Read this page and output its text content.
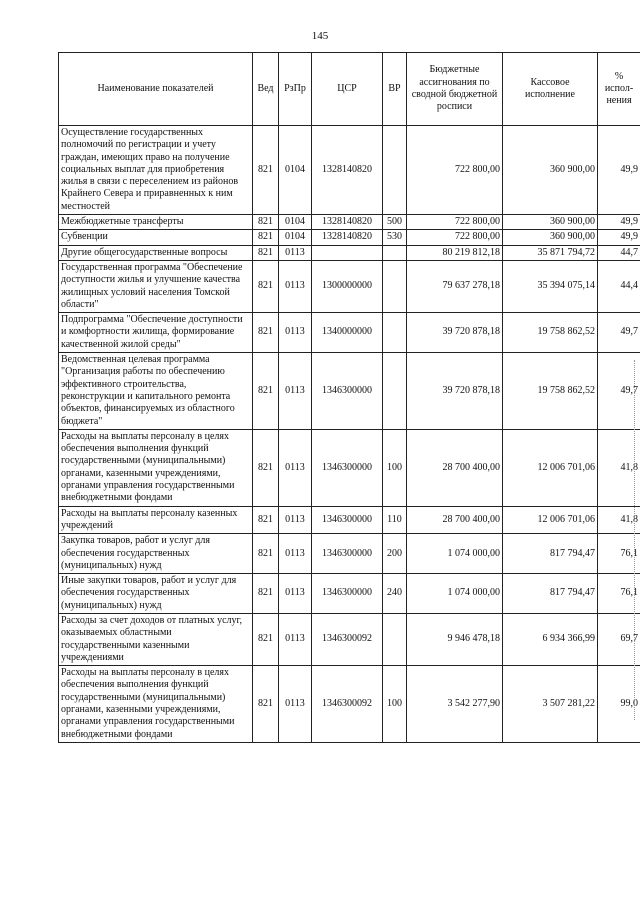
145
Наименование показателей	Вед	РзПр	ЦСР	ВР	Бюджетные ассигнования по сводной бюджетной росписи	Кассовое исполнение	% испол-нения
Осуществление государственных полномочий по регистрации и учету граждан, имеющих право на получение социальных выплат для приобретения жилья в связи с переселением из районов Крайнего Севера и приравненных к ним местностей	821	0104	1328140820		722 800,00	360 900,00	49,9
Межбюджетные трансферты	821	0104	1328140820	500	722 800,00	360 900,00	49,9
Субвенции	821	0104	1328140820	530	722 800,00	360 900,00	49,9
Другие общегосударственные вопросы	821	0113			80 219 812,18	35 871 794,72	44,7
Государственная программа "Обеспечение доступности жилья и улучшение качества жилищных условий населения Томской области"	821	0113	1300000000		79 637 278,18	35 394 075,14	44,4
Подпрограмма "Обеспечение доступности и комфортности жилища, формирование качественной жилой среды"	821	0113	1340000000		39 720 878,18	19 758 862,52	49,7
Ведомственная целевая программа "Организация работы по обеспечению эффективного строительства, реконструкции и капитального ремонта объектов, финансируемых из областного бюджета"	821	0113	1346300000		39 720 878,18	19 758 862,52	49,7
Расходы на выплаты персоналу в целях обеспечения выполнения функций государственными (муниципальными) органами, казенными учреждениями, органами управления государственными внебюджетными фондами	821	0113	1346300000	100	28 700 400,00	12 006 701,06	41,8
Расходы на выплаты персоналу казенных учреждений	821	0113	1346300000	110	28 700 400,00	12 006 701,06	41,8
Закупка товаров, работ и услуг для обеспечения государственных (муниципальных) нужд	821	0113	1346300000	200	1 074 000,00	817 794,47	76,1
Иные закупки товаров, работ и услуг для обеспечения государственных (муниципальных) нужд	821	0113	1346300000	240	1 074 000,00	817 794,47	76,1
Расходы за счет доходов от платных услуг, оказываемых областными государственными казенными учреждениями	821	0113	1346300092		9 946 478,18	6 934 366,99	69,7
Расходы на выплаты персоналу в целях обеспечения выполнения функций государственными (муниципальными) органами, казенными учреждениями, органами управления государственными внебюджетными фондами	821	0113	1346300092	100	3 542 277,90	3 507 281,22	99,0
